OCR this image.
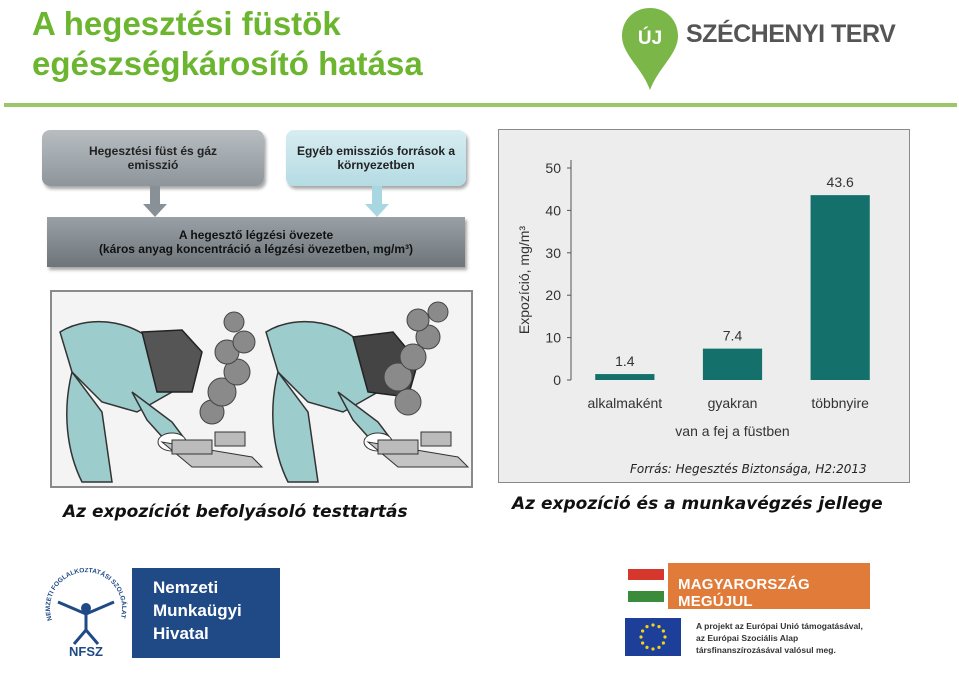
A hegesztési füstök egészségkárosító hatása
ÚJ SZÉCHENYI TERV
Hegesztési füst és gáz emisszió
Egyéb emissziós források a környezetben
A hegesztő légzési övezete
(káros anyag koncentráció a légzési övezetben, mg/m³)
Az expozíciót befolyásoló testtartás
0
10
20
30
40
50
1.4
alkalmaként
7.4
gyakran
43.6
többnyire
van a fej a füstben
Expozíció, mg/m³
Forrás: Hegesztés Biztonsága, H2:2013
Az expozíció és a munkavégzés jellege
NEMZETI FOGLALKOZTATÁSI SZOLGÁLAT
NFSZ
Nemzeti
Munkaügyi
Hivatal
MAGYARORSZÁG MEGÚJUL
A projekt az Európai Unió támogatásával,
az Európai Szociális Alap
társfinanszírozásával valósul meg.
